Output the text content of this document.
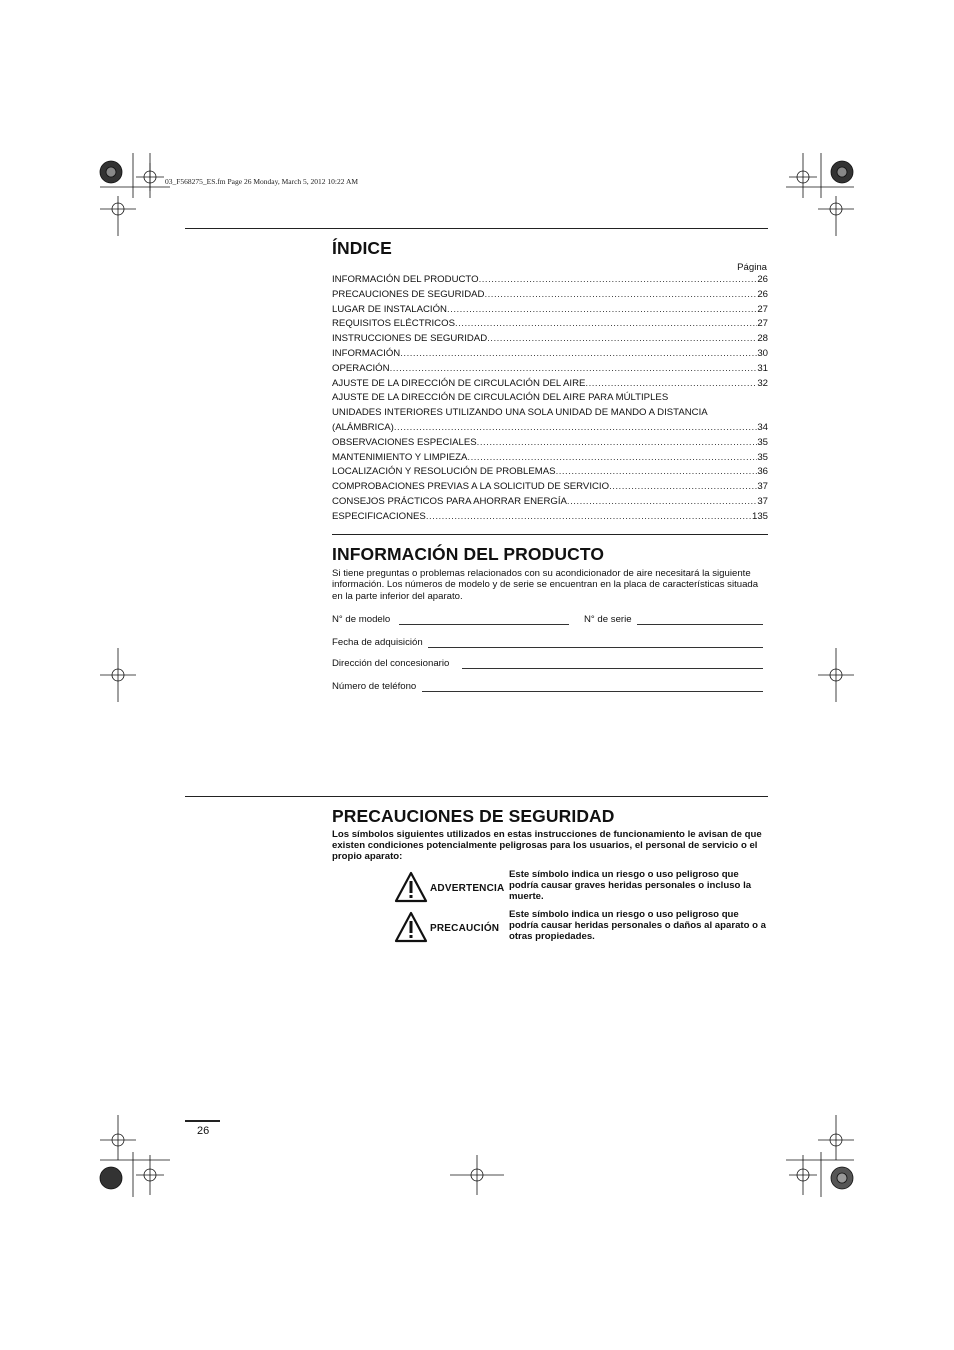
03_F568275_ES.fm Page 26 Monday, March 5, 2012 10:22 AM
ÍNDICE
Página
INFORMACIÓN DEL PRODUCTO .....	26
PRECAUCIONES DE SEGURIDAD .....	26
LUGAR DE INSTALACIÓN .....	27
REQUISITOS ELÉCTRICOS .....	27
INSTRUCCIONES DE SEGURIDAD .....	28
INFORMACIÓN .....	30
OPERACIÓN .....	31
AJUSTE DE LA DIRECCIÓN DE CIRCULACIÓN DEL AIRE .....	32
AJUSTE DE LA DIRECCIÓN DE CIRCULACIÓN DEL AIRE PARA MÚLTIPLES
UNIDADES INTERIORES UTILIZANDO UNA SOLA UNIDAD DE MANDO A DISTANCIA
(ALÁMBRICA) .....	34
OBSERVACIONES ESPECIALES .....	35
MANTENIMIENTO Y LIMPIEZA .....	35
LOCALIZACIÓN Y RESOLUCIÓN DE PROBLEMAS .....	36
COMPROBACIONES PREVIAS A LA SOLICITUD DE SERVICIO .....	37
CONSEJOS PRÁCTICOS PARA AHORRAR ENERGÍA .....	37
ESPECIFICACIONES .....	135
INFORMACIÓN DEL PRODUCTO
Si tiene preguntas o problemas relacionados con su acondicionador de aire necesitará la siguiente información. Los números de modelo y de serie se encuentran en la placa de características situada en la parte inferior del aparato.
N° de modelo	N° de serie
Fecha de adquisición
Dirección del concesionario
Número de teléfono
PRECAUCIONES DE SEGURIDAD
Los símbolos siguientes utilizados en estas instrucciones de funcionamiento le avisan de que existen condiciones potencialmente peligrosas para los usuarios, el personal de servicio o el propio aparato:
ADVERTENCIA
Este símbolo indica un riesgo o uso peligroso que podría causar graves heridas personales o incluso la muerte.
PRECAUCIÓN
Este símbolo indica un riesgo o uso peligroso que podría causar heridas personales o daños al aparato o a otras propiedades.
26
